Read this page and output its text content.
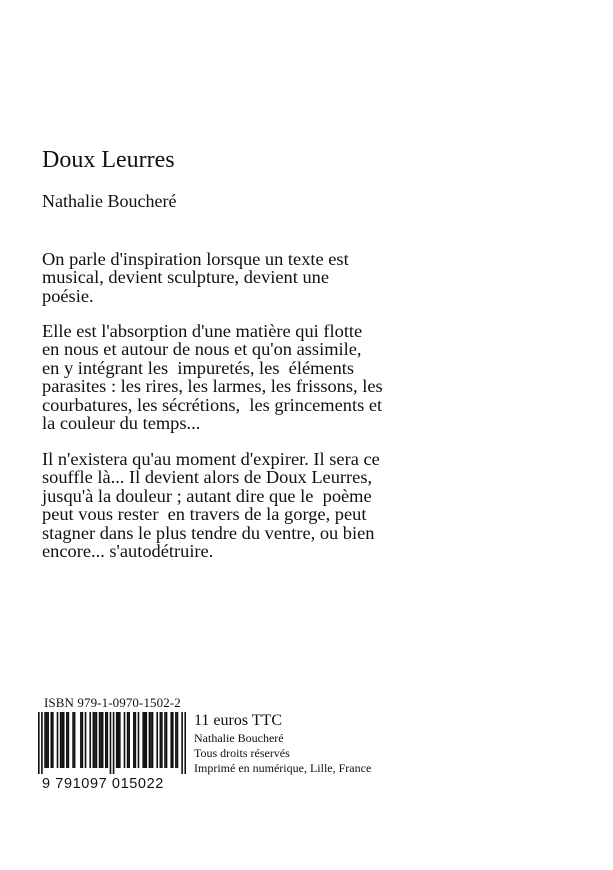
Doux Leurres
Nathalie Boucheré
On parle d'inspiration lorsque un texte est
musical, devient sculpture, devient une
poésie.
Elle est l'absorption d'une matière qui flotte
en nous et autour de nous et qu'on assimile,
en y intégrant les  impuretés, les  éléments
parasites : les rires, les larmes, les frissons, les
courbatures, les sécrétions,  les grincements et
la couleur du temps...
Il n'existera qu'au moment d'expirer. Il sera ce
souffle là... Il devient alors de Doux Leurres,
jusqu'à la douleur ; autant dire que le  poème
peut vous rester  en travers de la gorge, peut
stagner dans le plus tendre du ventre, ou bien
encore... s'autodétruire.
ISBN 979-1-0970-1502-2
9 791097 015022
11 euros TTC
Nathalie Boucheré
Tous droits réservés
Imprimé en numérique, Lille, France
